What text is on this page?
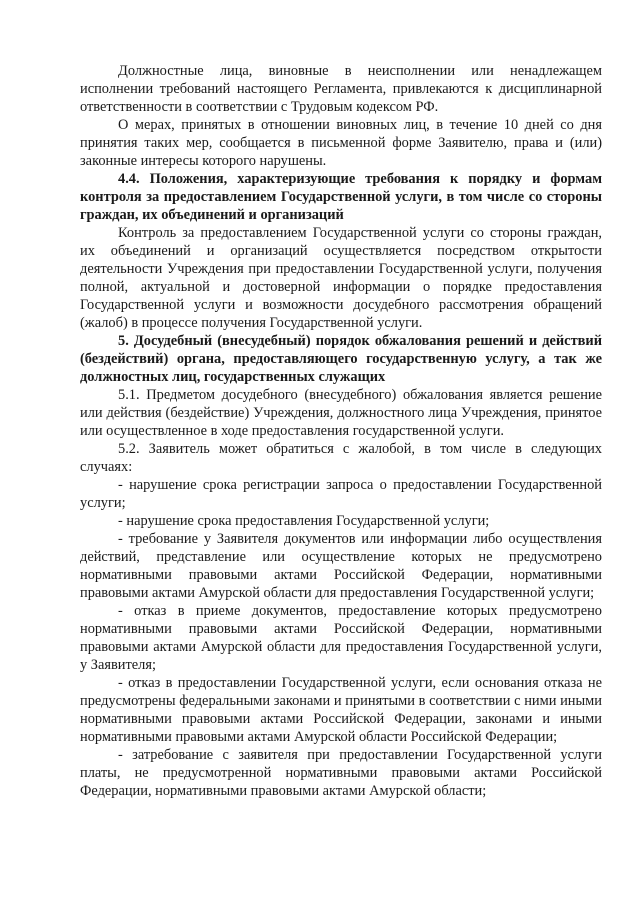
Должностные лица, виновные в неисполнении или ненадлежащем исполнении требований настоящего Регламента, привлекаются к дисциплинарной ответственности в соответствии с Трудовым кодексом РФ.

О мерах, принятых в отношении виновных лиц, в течение 10 дней со дня принятия таких мер, сообщается в письменной форме Заявителю, права и (или) законные интересы которого нарушены.

4.4. Положения, характеризующие требования к порядку и формам контроля за предоставлением Государственной услуги, в том числе со стороны граждан, их объединений и организаций

Контроль за предоставлением Государственной услуги со стороны граждан, их объединений и организаций осуществляется посредством открытости деятельности Учреждения при предоставлении Государственной услуги, получения полной, актуальной и достоверной информации о порядке предоставления Государственной услуги и возможности досудебного рассмотрения обращений (жалоб) в процессе получения Государственной услуги.

5. Досудебный (внесудебный) порядок обжалования решений и действий (бездействий) органа, предоставляющего государственную услугу, а так же должностных лиц, государственных служащих

5.1. Предметом досудебного (внесудебного) обжалования является решение или действия (бездействие) Учреждения, должностного лица Учреждения, принятое или осуществленное в ходе предоставления государственной услуги.

5.2. Заявитель может обратиться с жалобой, в том числе в следующих случаях:

- нарушение срока регистрации запроса о предоставлении Государственной услуги;

- нарушение срока предоставления Государственной услуги;

- требование у Заявителя документов или информации либо осуществления действий, представление или осуществление которых не предусмотрено нормативными правовыми актами Российской Федерации, нормативными правовыми актами Амурской области для предоставления Государственной услуги;

- отказ в приеме документов, предоставление которых предусмотрено нормативными правовыми актами Российской Федерации, нормативными правовыми актами Амурской области для предоставления Государственной услуги, у Заявителя;

- отказ в предоставлении Государственной услуги, если основания отказа не предусмотрены федеральными законами и принятыми в соответствии с ними иными нормативными правовыми актами Российской Федерации, законами и иными нормативными правовыми актами Амурской области Российской Федерации;

- затребование с заявителя при предоставлении Государственной услуги платы, не предусмотренной нормативными правовыми актами Российской Федерации, нормативными правовыми актами Амурской области;
